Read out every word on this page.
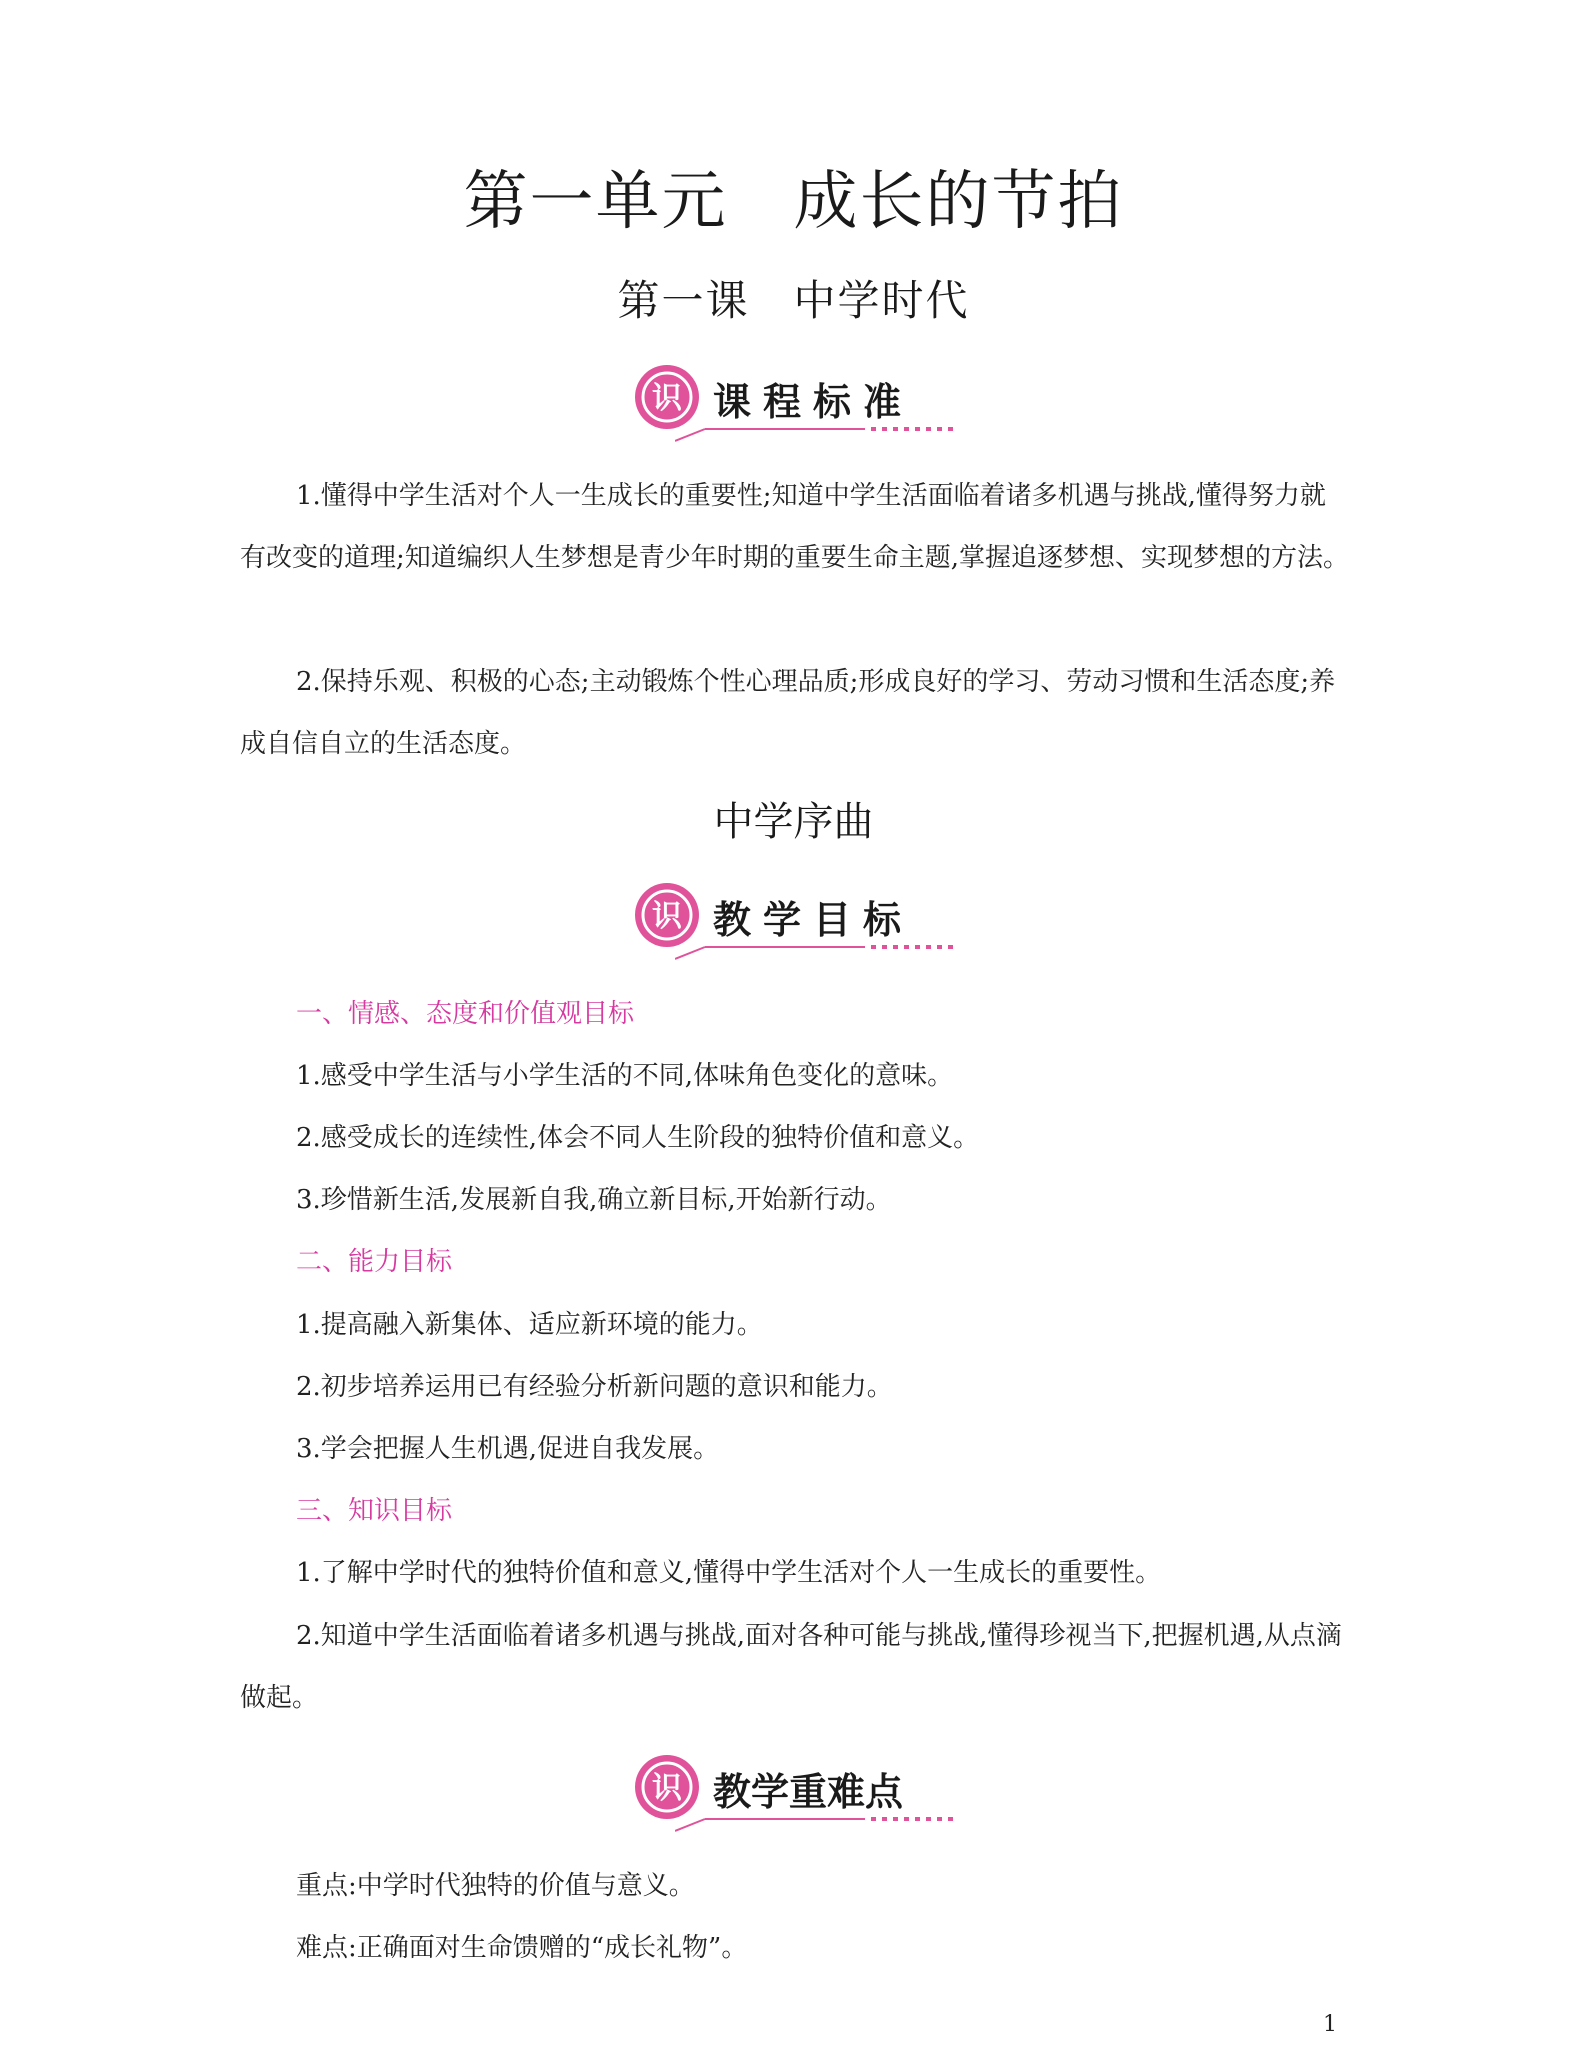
第一单元　成长的节拍
第一课　中学时代
识 课程标准
1.懂得中学生活对个人一生成长的重要性;知道中学生活面临着诸多机遇与挑战,懂得努力就有改变的道理;知道编织人生梦想是青少年时期的重要生命主题,掌握追逐梦想、实现梦想的方法。
2.保持乐观、积极的心态;主动锻炼个性心理品质;形成良好的学习、劳动习惯和生活态度;养成自信自立的生活态度。
中学序曲
识 教学目标
一、情感、态度和价值观目标
1.感受中学生活与小学生活的不同,体味角色变化的意味。
2.感受成长的连续性,体会不同人生阶段的独特价值和意义。
3.珍惜新生活,发展新自我,确立新目标,开始新行动。
二、能力目标
1.提高融入新集体、适应新环境的能力。
2.初步培养运用已有经验分析新问题的意识和能力。
3.学会把握人生机遇,促进自我发展。
三、知识目标
1.了解中学时代的独特价值和意义,懂得中学生活对个人一生成长的重要性。
2.知道中学生活面临着诸多机遇与挑战,面对各种可能与挑战,懂得珍视当下,把握机遇,从点滴做起。
识 教学重难点
重点:中学时代独特的价值与意义。
难点:正确面对生命馈赠的“成长礼物”。
1
